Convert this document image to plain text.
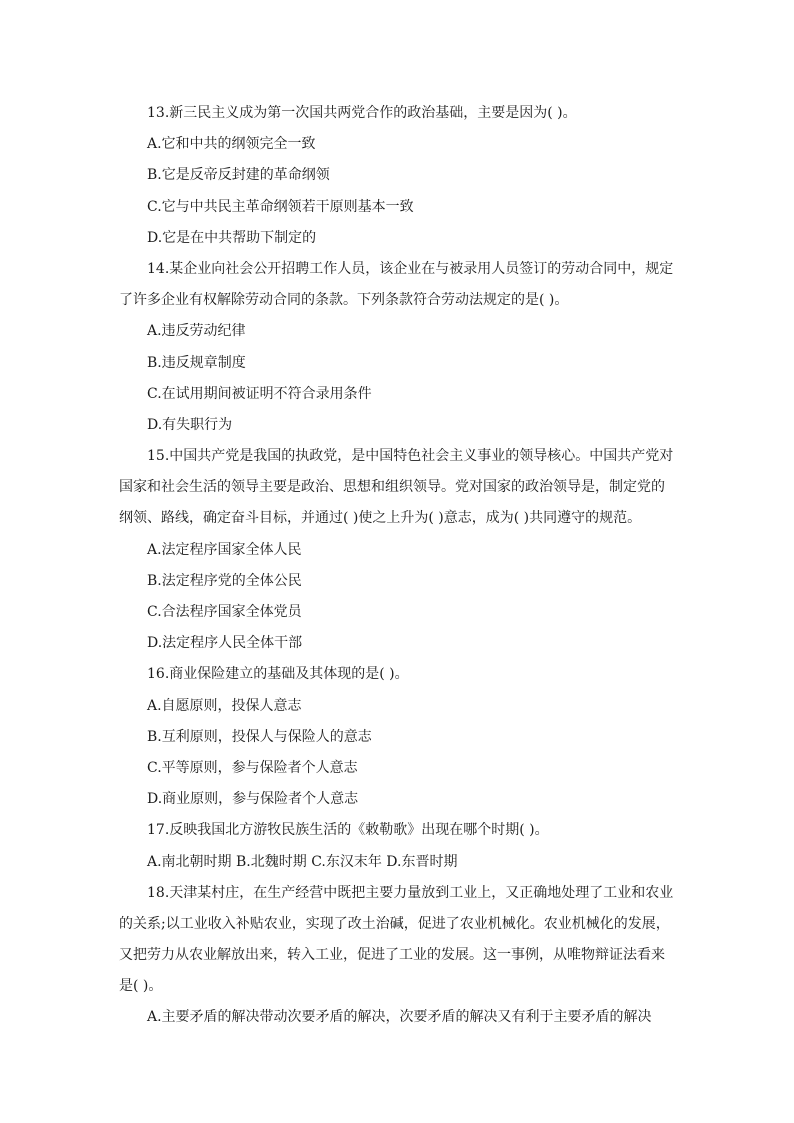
13.新三民主义成为第一次国共两党合作的政治基础，主要是因为( )。
A.它和中共的纲领完全一致
B.它是反帝反封建的革命纲领
C.它与中共民主革命纲领若干原则基本一致
D.它是在中共帮助下制定的
14.某企业向社会公开招聘工作人员，该企业在与被录用人员签订的劳动合同中，规定
了许多企业有权解除劳动合同的条款。下列条款符合劳动法规定的是( )。
A.违反劳动纪律
B.违反规章制度
C.在试用期间被证明不符合录用条件
D.有失职行为
15.中国共产党是我国的执政党，是中国特色社会主义事业的领导核心。中国共产党对
国家和社会生活的领导主要是政治、思想和组织领导。党对国家的政治领导是，制定党的
纲领、路线，确定奋斗目标，并通过( )使之上升为( )意志，成为( )共同遵守的规范。
A.法定程序国家全体人民
B.法定程序党的全体公民
C.合法程序国家全体党员
D.法定程序人民全体干部
16.商业保险建立的基础及其体现的是( )。
A.自愿原则，投保人意志
B.互利原则，投保人与保险人的意志
C.平等原则，参与保险者个人意志
D.商业原则，参与保险者个人意志
17.反映我国北方游牧民族生活的《敕勒歌》出现在哪个时期( )。
A.南北朝时期 B.北魏时期 C.东汉末年 D.东晋时期
18.天津某村庄，在生产经营中既把主要力量放到工业上，又正确地处理了工业和农业
的关系;以工业收入补贴农业，实现了改土治碱，促进了农业机械化。农业机械化的发展，
又把劳力从农业解放出来，转入工业，促进了工业的发展。这一事例，从唯物辩证法看来
是( )。
A.主要矛盾的解决带动次要矛盾的解决，次要矛盾的解决又有利于主要矛盾的解决
